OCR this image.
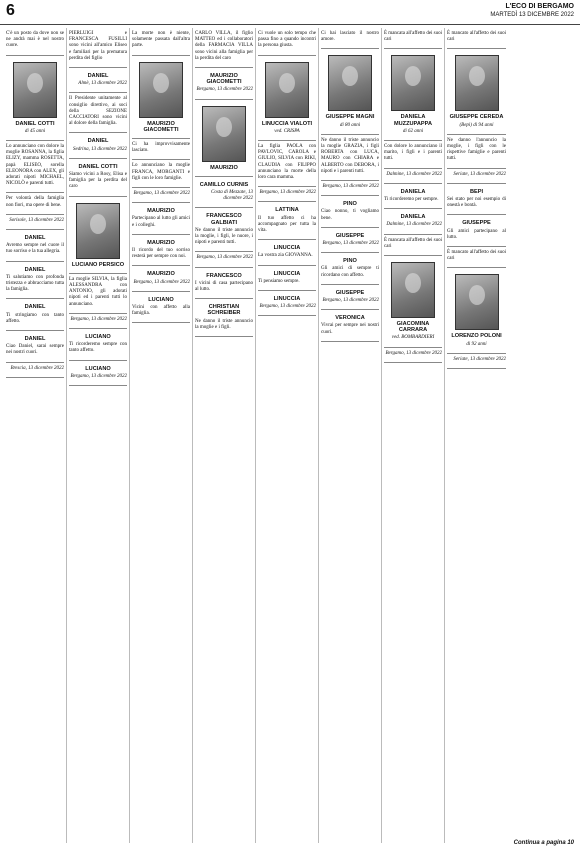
6	L'ECO DI BERGAMO
MARTEDÌ 13 DICEMBRE 2022

C'è un posto da dove non se ne andrà mai è nel nostro cuore.

DANIEL COTTI
di 45 anni

Lo annunciano con dolore la moglie ROSANNA, la figlia ELIZY, mamma ROSETTA, papà ELISEO, sorella ELEONORA con ALEX, gli adorati nipoti MICHAEL, NICOLÒ e parenti tutti.

Per volontà della famiglia non fiori, ma opere di bene.

Sorisole, 13 dicembre 2022

DANIEL

Avremo sempre nel cuore il tuo sorriso e la tua allegria.

DANIEL

Ti salutiamo con profonda tristezza e abbracciamo tutta la famiglia.

DANIEL

Ti stringiamo con tanto affetto.

DANIEL

Ciao Daniel, sarai sempre nei nostri cuori.

Brescia, 13 dicembre 2022

PIERLUIGI e FRANCESCA FUSILLI sono vicini all'amico Eliseo e familiari per la prematura perdita del figlio

DANIEL

Almè, 13 dicembre 2022

Il Presidente unitamente al consiglio direttivo, ai soci della SEZIONE CACCIATORI sono vicini al dolore della famiglia.

DANIEL

Sedrina, 13 dicembre 2022

DANIEL COTTI

Siamo vicini a Rosy, Elisa e famiglia per la perdita del caro

LUCIANO PERSICO

La moglie SILVIA, la figlia ALESSANDRA con ANTONIO, gli adorati nipoti ed i parenti tutti lo annunciano.

Bergamo, 13 dicembre 2022

LUCIANO

Ti ricorderemo sempre con tanto affetto.

LUCIANO

Bergamo, 13 dicembre 2022

La morte non è niente, solamente passata dall'altra parte.

MAURIZIO GIACOMETTI

Ci ha improvvisamente lasciato.

Lo annunciano la moglie FRANCA, MORGANTI e figli con le loro famiglie.

Bergamo, 13 dicembre 2022

MAURIZIO

Partecipano al lutto gli amici e i colleghi.

MAURIZIO

Il ricordo del tuo sorriso resterà per sempre con noi.

MAURIZIO

Bergamo, 13 dicembre 2022

LUCIANO

Vicini con affetto alla famiglia.

CARLO VILLA, il figlio MATTEO ed i collaboratori della FARMACIA VILLA sono vicini alla famiglia per la perdita del caro

MAURIZIO GIACOMETTI

Bergamo, 13 dicembre 2022

MAURIZIO
CAMILLO CURNIS

Costa di Mezzate, 13 dicembre 2022

FRANCESCO GALBIATI

Ne danno il triste annuncio la moglie, i figli, le nuore, i nipoti e parenti tutti.

Bergamo, 13 dicembre 2022

FRANCESCO

I vicini di casa partecipano al lutto.

CHRISTIAN SCHREIBER

Ne danno il triste annuncio la moglie e i figli.

Ci vuole un solo tempo che passa fino a quando incontri la persona giusta.

LINUCCIA VIALOTI
ved. CRISPA

La figlia PAOLA con PAVLOVIC, CAROLA e GIULIO, SILVIA con RIKI, CLAUDIA con FILIPPO annunciano la morte della loro cara mamma.

Bergamo, 13 dicembre 2022

LATTINA

Il tuo affetto ci ha accompagnato per tutta la vita.

LINUCCIA

La vostra zia GIOVANNA.

LINUCCIA

Ti pensiamo sempre.

LINUCCIA

Bergamo, 13 dicembre 2022

Ci hai lasciato il nostro amore.

GIUSEPPE MAGNI
di 80 anni

Ne danno il triste annuncio la moglie GRAZIA, i figli ROBERTA con LUCA, MAURO con CHIARA e ALBERTO con DEBORA, i nipoti e i parenti tutti.

Bergamo, 13 dicembre 2022

PINO

Ciao nonno, ti vogliamo bene.

GIUSEPPE

Bergamo, 13 dicembre 2022

PINO

Gli amici di sempre ti ricordano con affetto.

GIUSEPPE

Bergamo, 13 dicembre 2022

VERONICA

Vivrai per sempre nei nostri cuori.

È mancata all'affetto dei suoi cari

DANIELA MUZZUPAPPA
di 62 anni

Con dolore lo annunciano il marito, i figli e i parenti tutti.

Dalmine, 13 dicembre 2022

DANIELA

Ti ricorderemo per sempre.

DANIELA

Dalmine, 13 dicembre 2022

È mancata all'affetto dei suoi cari

GIACOMINA CARRARA
ved. BOMBARDIERI

Bergamo, 13 dicembre 2022

È mancato all'affetto dei suoi cari

GIUSEPPE CEREDA
(Bepi) di 94 anni

Ne danno l'annuncio la moglie, i figli con le rispettive famiglie e parenti tutti.

Seriate, 13 dicembre 2022

BEPI

Sei stato per noi esempio di onestà e bontà.

GIUSEPPE

Gli amici partecipano al lutto.

È mancato all'affetto dei suoi cari

LORENZO POLONI
di 92 anni

Seriate, 13 dicembre 2022

Continua a pagina 10
